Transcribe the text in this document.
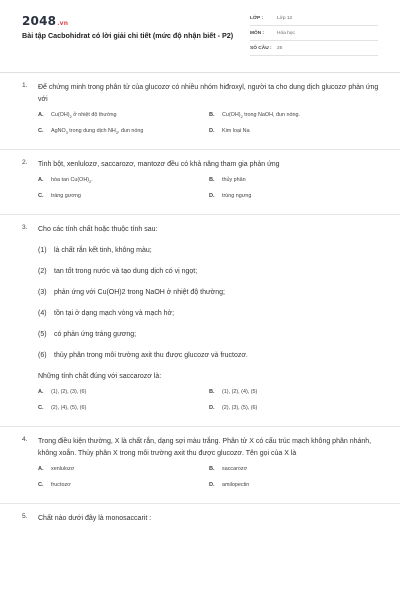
2048.vn
Bài tập Cacbohidrat có lời giải chi tiết (mức độ nhận biết - P2)
LỚP :	Lớp 12
MÔN :	Hóa học
SỐ CÂU : 25
1. Để chứng minh trong phân tử của glucozơ có nhiều nhóm hiđroxyl, người ta cho dung dịch glucozơ phản ứng với
A.	$Cu(OH)_2$ ở nhiệt độ thường	B.	$Cu(OH)_2$ trong NaOH, đun nóng.
C.	AgNO$_3$ trong dung dịch $NH_3$, đun nóng	D.	Kim loại Na
2. Tinh bột, xenlulozơ, saccarozơ, mantozơ đều có khả năng tham gia phản ứng
A.	hòa $\tan Cu(OH)_2$.	B.	thủy phân
C.	tráng gương	D.	trùng ngưng
3. Cho các tính chất hoặc thuộc tính sau:
(1) là chất rắn kết tinh, không màu;
(2) tan tốt trong nước và tạo dung dịch có vị ngọt;
(3) phản ứng với Cu(OH)2 trong NaOH ở nhiệt độ thường;
(4) tồn tại ở dạng mạch vòng và mạch hở;
(5) có phản ứng tráng gương;
(6) thủy phân trong môi trường axit thu được glucozơ và fructozơ.
Những tính chất đúng với saccarozơ là:
A.	(1), (2), (3), (6)	B.	(1), (2), (4), (5)
C.	(2), (4), (5), (6)	D.	(2), (3), (5), (6)
4. Trong điều kiện thường, X là chất rắn, dạng sợi màu trắng. Phân tử X có cấu trúc mạch không phân nhánh, không xoắn. Thủy phân X trong môi trường axit thu được glucozơ. Tên gọi của X là
A.	xenlulozơ	B.	saccarozơ
C.	fructozơ	D.	amilopectin
5. Chất nào dưới đây là monosaccarit :
